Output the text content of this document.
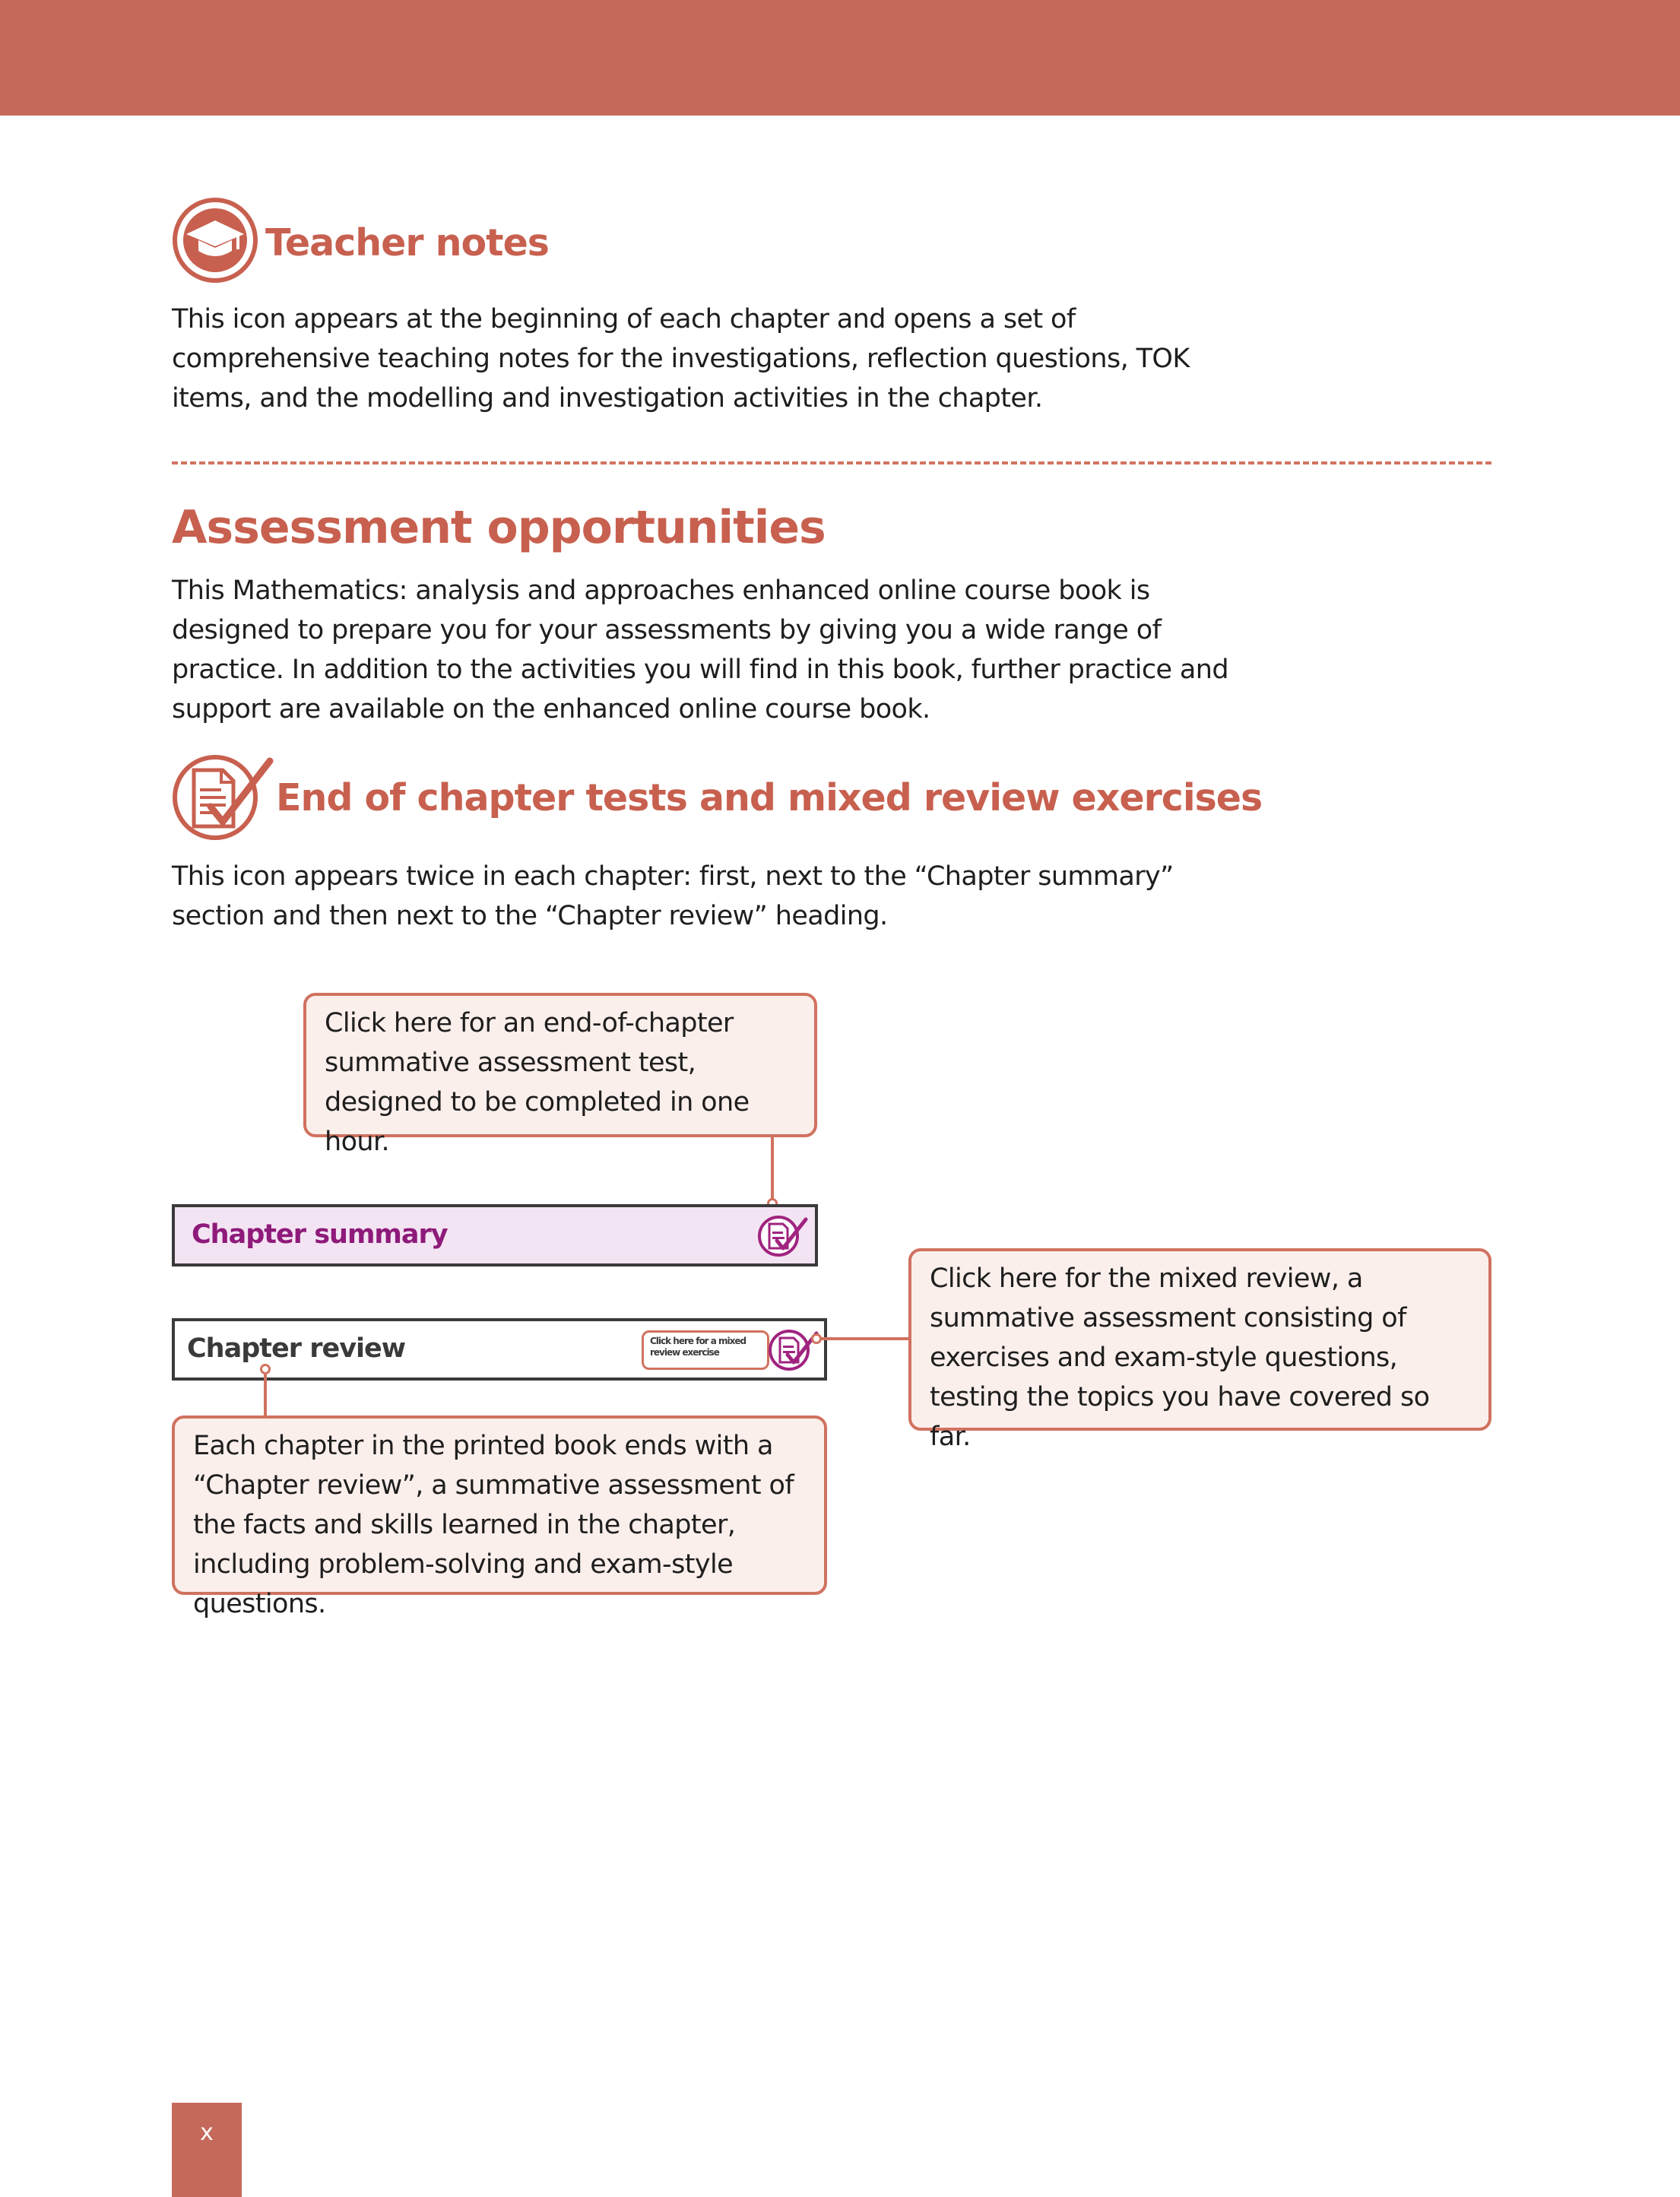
Teacher notes

This icon appears at the beginning of each chapter and opens a set of comprehensive teaching notes for the investigations, reflection questions, TOK items, and the modelling and investigation activities in the chapter.

Assessment opportunities

This Mathematics: analysis and approaches enhanced online course book is designed to prepare you for your assessments by giving you a wide range of practice. In addition to the activities you will find in this book, further practice and support are available on the enhanced online course book.

End of chapter tests and mixed review exercises

This icon appears twice in each chapter: first, next to the “Chapter summary” section and then next to the “Chapter review” heading.

Click here for an end-of-chapter summative assessment test, designed to be completed in one hour.
Chapter summary
Chapter review	Click here for a mixed review exercise
Click here for the mixed review, a summative assessment consisting of exercises and exam-style questions, testing the topics you have covered so far.
Each chapter in the printed book ends with a “Chapter review”, a summative assessment of the facts and skills learned in the chapter, including problem-solving and exam-style questions.
x
